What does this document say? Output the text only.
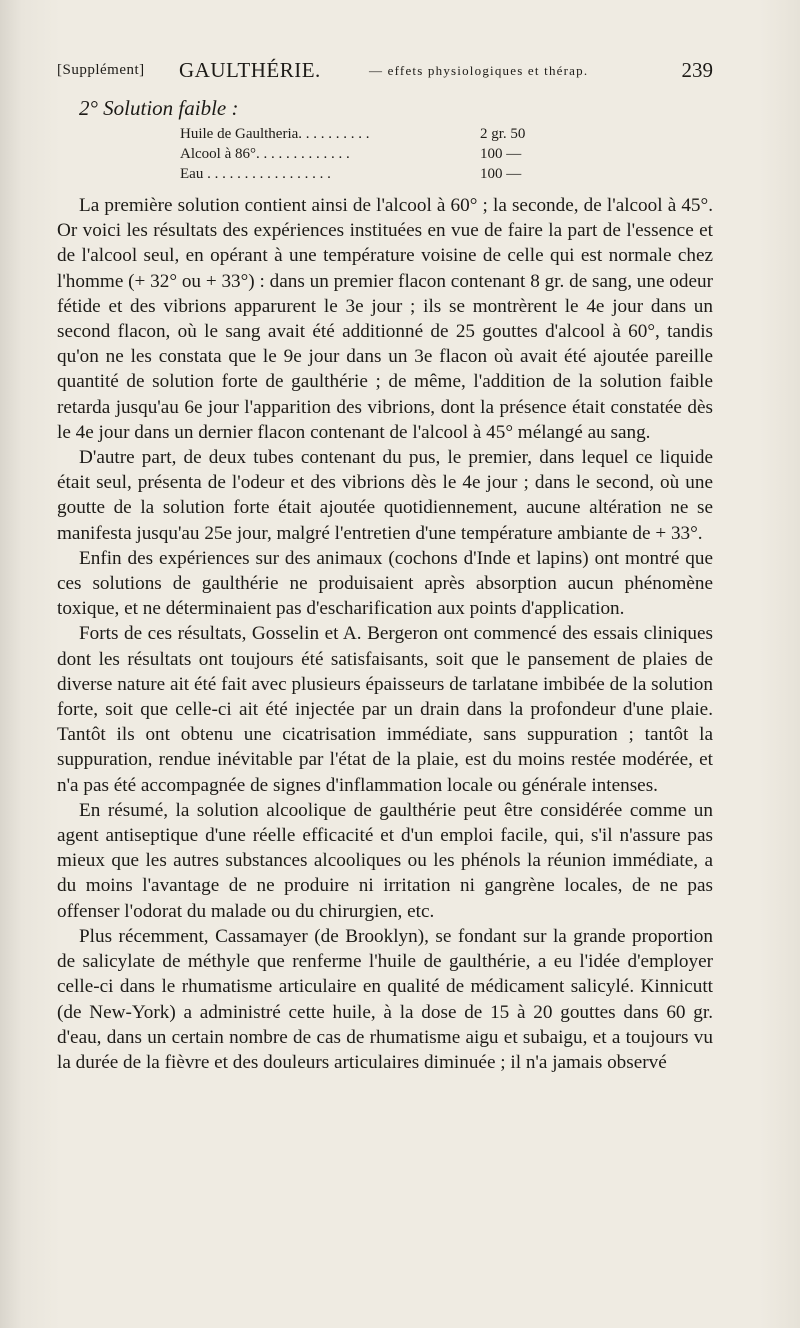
[Supplément] GAULTHÉRIE.	— effets physiologiques et thérap.	239
2° Solution faible :
Huile de Gaultheria. . . . . . . . . .	2 gr. 50
Alcool à 86°. . . . . . . . . . . . .	100 —
Eau . . . . . . . . . . . . . . . . .	100 —

La première solution contient ainsi de l'alcool à 60° ; la seconde, de l'alcool à 45°. Or voici les résultats des expériences instituées en vue de faire la part de l'essence et de l'alcool seul, en opérant à une température voisine de celle qui est normale chez l'homme (+ 32° ou + 33°) : dans un premier flacon contenant 8 gr. de sang, une odeur fétide et des vibrions apparurent le 3e jour ; ils se montrèrent le 4e jour dans un second flacon, où le sang avait été additionné de 25 gouttes d'alcool à 60°, tandis qu'on ne les constata que le 9e jour dans un 3e flacon où avait été ajoutée pareille quantité de solution forte de gaulthérie ; de même, l'addition de la solution faible retarda jusqu'au 6e jour l'apparition des vibrions, dont la présence était constatée dès le 4e jour dans un dernier flacon contenant de l'alcool à 45° mélangé au sang.

D'autre part, de deux tubes contenant du pus, le premier, dans lequel ce liquide était seul, présenta de l'odeur et des vibrions dès le 4e jour ; dans le second, où une goutte de la solution forte était ajoutée quotidiennement, aucune altération ne se manifesta jusqu'au 25e jour, malgré l'entretien d'une température ambiante de + 33°.

Enfin des expériences sur des animaux (cochons d'Inde et lapins) ont montré que ces solutions de gaulthérie ne produisaient après absorption aucun phénomène toxique, et ne déterminaient pas d'escharification aux points d'application.

Forts de ces résultats, Gosselin et A. Bergeron ont commencé des essais cliniques dont les résultats ont toujours été satisfaisants, soit que le pansement de plaies de diverse nature ait été fait avec plusieurs épaisseurs de tarlatane imbibée de la solution forte, soit que celle-ci ait été injectée par un drain dans la profondeur d'une plaie. Tantôt ils ont obtenu une cicatrisation immédiate, sans suppuration ; tantôt la suppuration, rendue inévitable par l'état de la plaie, est du moins restée modérée, et n'a pas été accompagnée de signes d'inflammation locale ou générale intenses.

En résumé, la solution alcoolique de gaulthérie peut être considérée comme un agent antiseptique d'une réelle efficacité et d'un emploi facile, qui, s'il n'assure pas mieux que les autres substances alcooliques ou les phénols la réunion immédiate, a du moins l'avantage de ne produire ni irritation ni gangrène locales, de ne pas offenser l'odorat du malade ou du chirurgien, etc.

Plus récemment, Cassamayer (de Brooklyn), se fondant sur la grande proportion de salicylate de méthyle que renferme l'huile de gaulthérie, a eu l'idée d'employer celle-ci dans le rhumatisme articulaire en qualité de médicament salicylé. Kinnicutt (de New-York) a administré cette huile, à la dose de 15 à 20 gouttes dans 60 gr. d'eau, dans un certain nombre de cas de rhumatisme aigu et subaigu, et a toujours vu la durée de la fièvre et des douleurs articulaires diminuée ; il n'a jamais observé
